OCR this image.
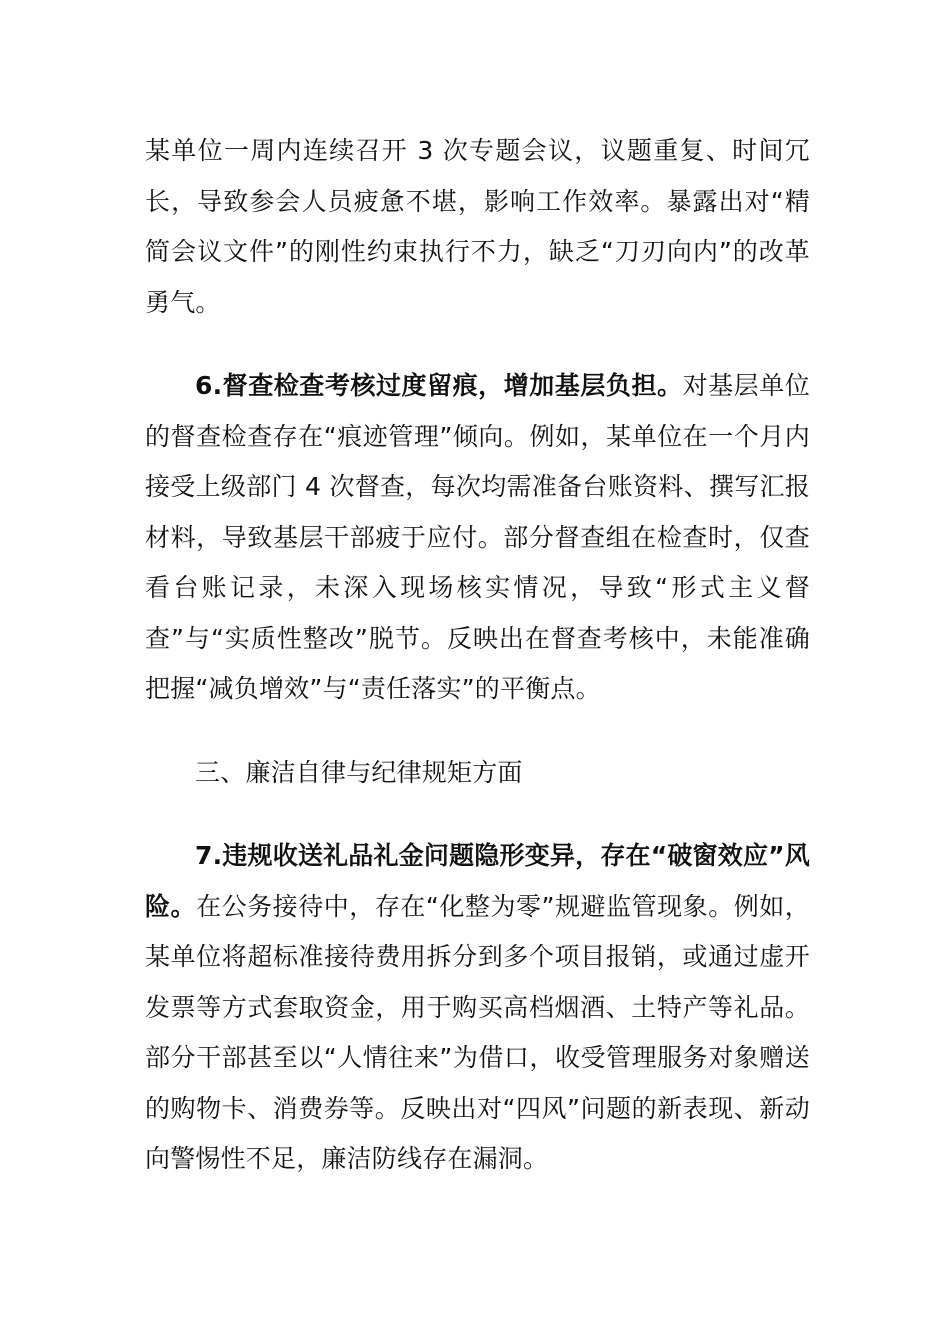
某单位一周内连续召开 3 次专题会议，议题重复、时间冗长，导致参会人员疲惫不堪，影响工作效率。暴露出对“精简会议文件”的刚性约束执行不力，缺乏“刀刃向内”的改革勇气。

6.督查检查考核过度留痕，增加基层负担。对基层单位的督查检查存在“痕迹管理”倾向。例如，某单位在一个月内接受上级部门 4 次督查，每次均需准备台账资料、撰写汇报材料，导致基层干部疲于应付。部分督查组在检查时，仅查看台账记录，未深入现场核实情况，导致“形式主义督查”与“实质性整改”脱节。反映出在督查考核中，未能准确把握“减负增效”与“责任落实”的平衡点。

三、廉洁自律与纪律规矩方面

7.违规收送礼品礼金问题隐形变异，存在“破窗效应”风险。在公务接待中，存在“化整为零”规避监管现象。例如，某单位将超标准接待费用拆分到多个项目报销，或通过虚开发票等方式套取资金，用于购买高档烟酒、土特产等礼品。部分干部甚至以“人情往来”为借口，收受管理服务对象赠送的购物卡、消费券等。反映出对“四风”问题的新表现、新动向警惕性不足，廉洁防线存在漏洞。
